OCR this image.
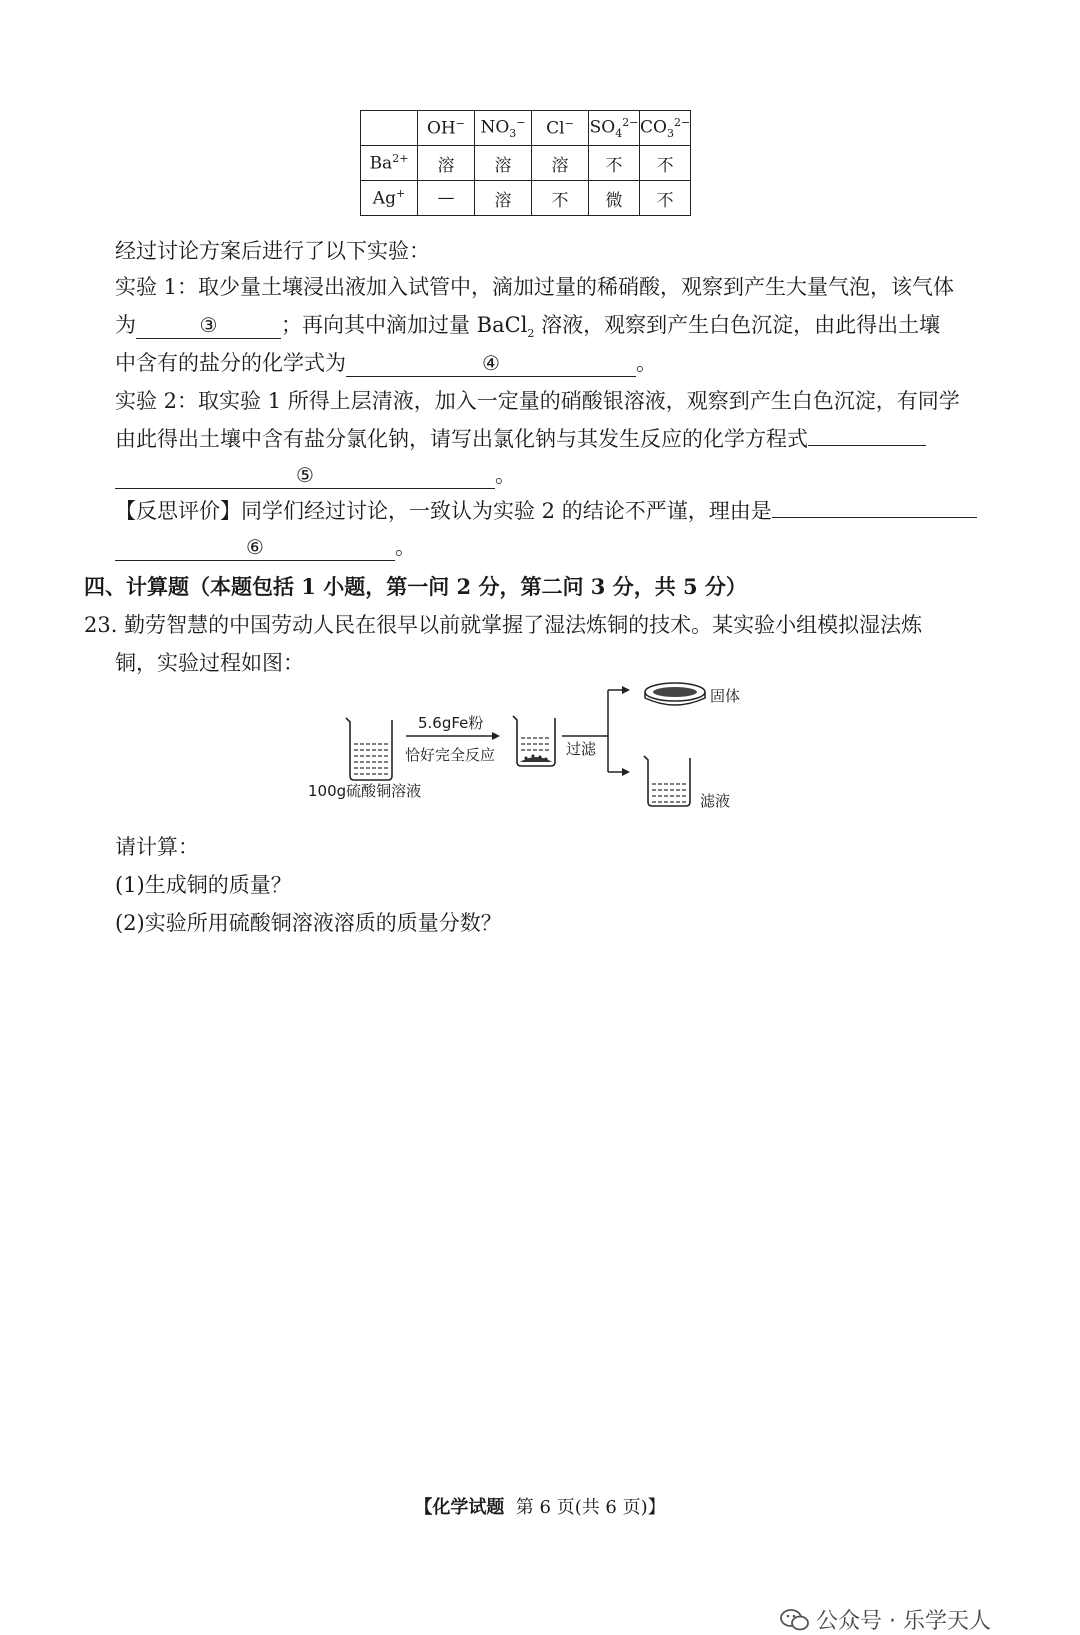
	OH−	$NO_3^-$	Cl−	$SO_4^{2-}$	$CO_3^{2-}$
$Ba^{2+}$	溶	溶	溶	不	不
Ag+	—	溶	不	微	不
经过讨论方案后进行了以下实验：
实验 1：取少量土壤浸出液加入试管中，滴加过量的稀硝酸，观察到产生大量气泡，该气体
为	③	；再向其中滴加过量 BaCl$_2$ 溶液，观察到产生白色沉淀，由此得出土壤
中含有的盐分的化学式为	④	。
实验 2：取实验 1 所得上层清液，加入一定量的硝酸银溶液，观察到产生白色沉淀，有同学
由此得出土壤中含有盐分氯化钠，请写出氯化钠与其发生反应的化学方程式
⑤	。
【反思评价】同学们经过讨论，一致认为实验 2 的结论不严谨，理由是
⑥	。
四、计算题（本题包括 1 小题，第一问 2 分，第二问 3 分，共 5 分）
23. 勤劳智慧的中国劳动人民在很早以前就掌握了湿法炼铜的技术。某实验小组模拟湿法炼
铜，实验过程如图：
100g硫酸铜溶液
5.6gFe粉
恰好完全反应	过滤
固体
滤液
请计算：
(1)生成铜的质量？
(2)实验所用硫酸铜溶液溶质的质量分数？
【化学试题 第 6 页(共 6 页)】
公众号 · 乐学天人
